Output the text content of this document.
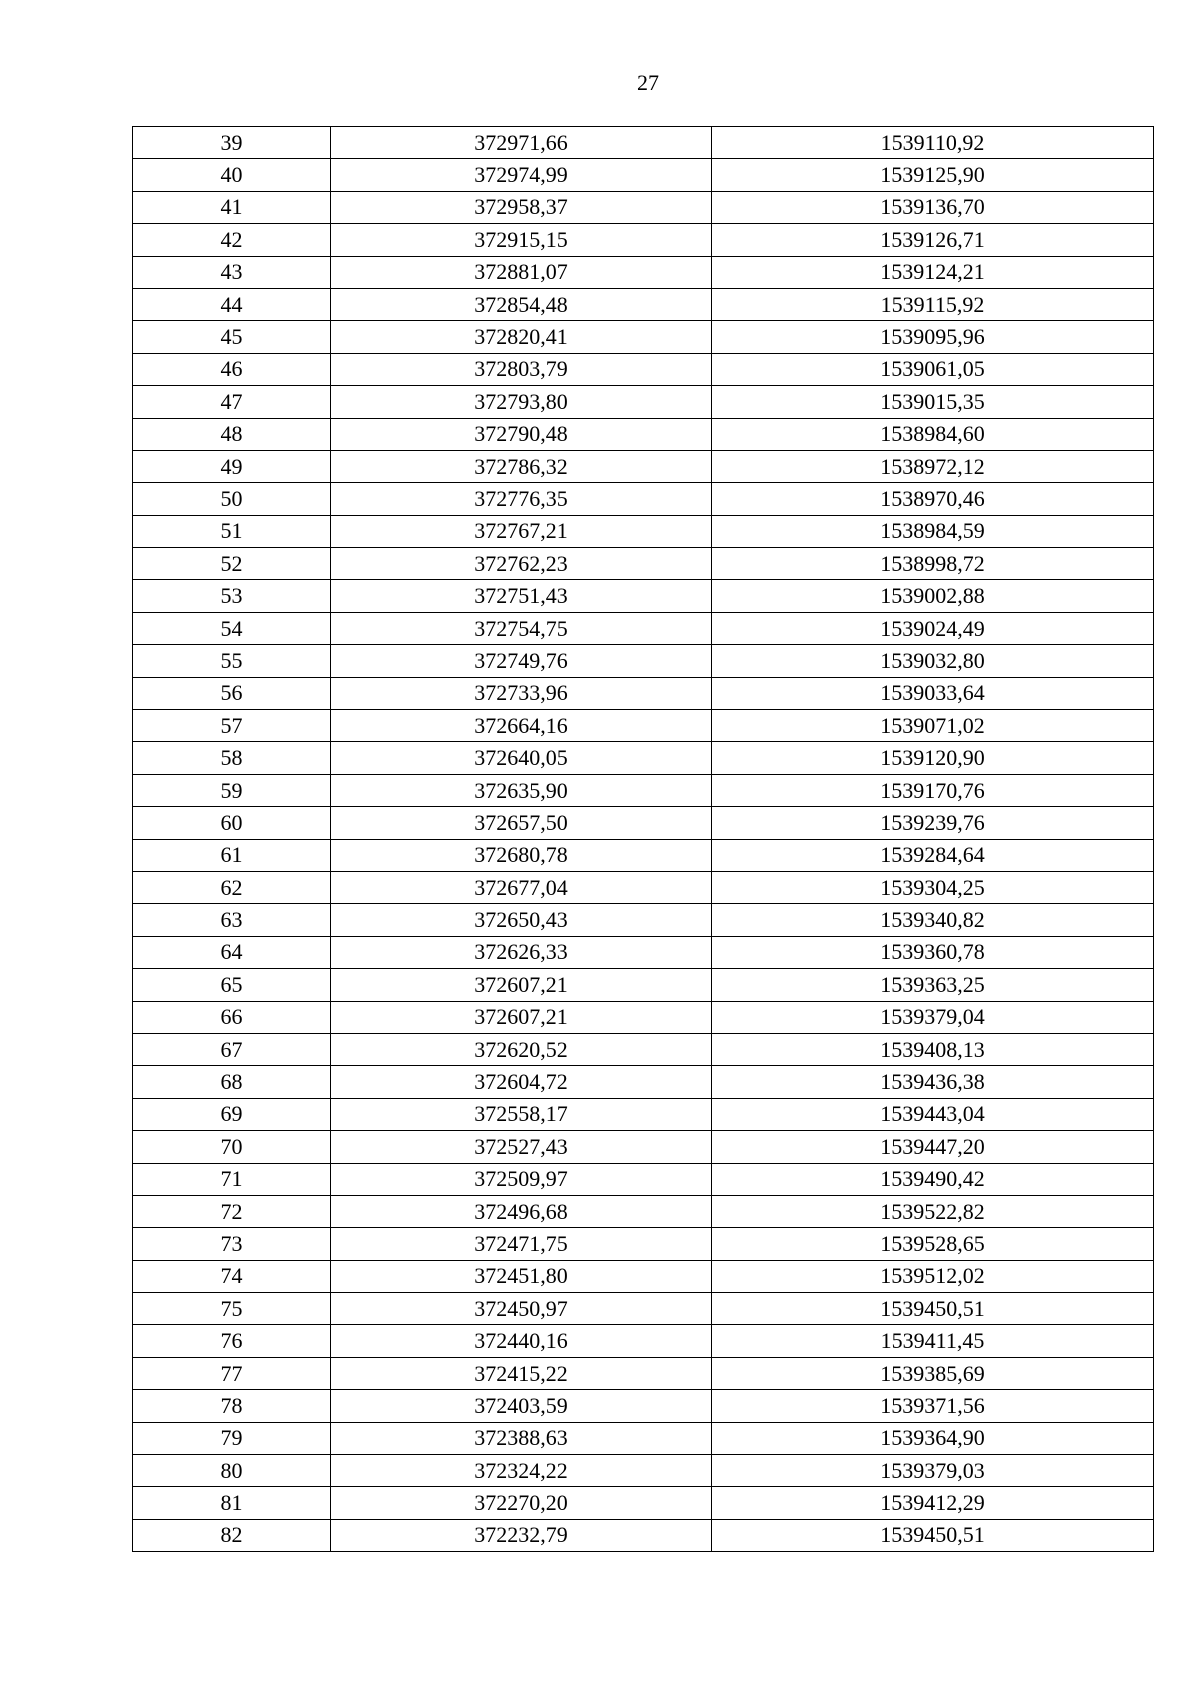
27
39	372971,66	1539110,92
40	372974,99	1539125,90
41	372958,37	1539136,70
42	372915,15	1539126,71
43	372881,07	1539124,21
44	372854,48	1539115,92
45	372820,41	1539095,96
46	372803,79	1539061,05
47	372793,80	1539015,35
48	372790,48	1538984,60
49	372786,32	1538972,12
50	372776,35	1538970,46
51	372767,21	1538984,59
52	372762,23	1538998,72
53	372751,43	1539002,88
54	372754,75	1539024,49
55	372749,76	1539032,80
56	372733,96	1539033,64
57	372664,16	1539071,02
58	372640,05	1539120,90
59	372635,90	1539170,76
60	372657,50	1539239,76
61	372680,78	1539284,64
62	372677,04	1539304,25
63	372650,43	1539340,82
64	372626,33	1539360,78
65	372607,21	1539363,25
66	372607,21	1539379,04
67	372620,52	1539408,13
68	372604,72	1539436,38
69	372558,17	1539443,04
70	372527,43	1539447,20
71	372509,97	1539490,42
72	372496,68	1539522,82
73	372471,75	1539528,65
74	372451,80	1539512,02
75	372450,97	1539450,51
76	372440,16	1539411,45
77	372415,22	1539385,69
78	372403,59	1539371,56
79	372388,63	1539364,90
80	372324,22	1539379,03
81	372270,20	1539412,29
82	372232,79	1539450,51
